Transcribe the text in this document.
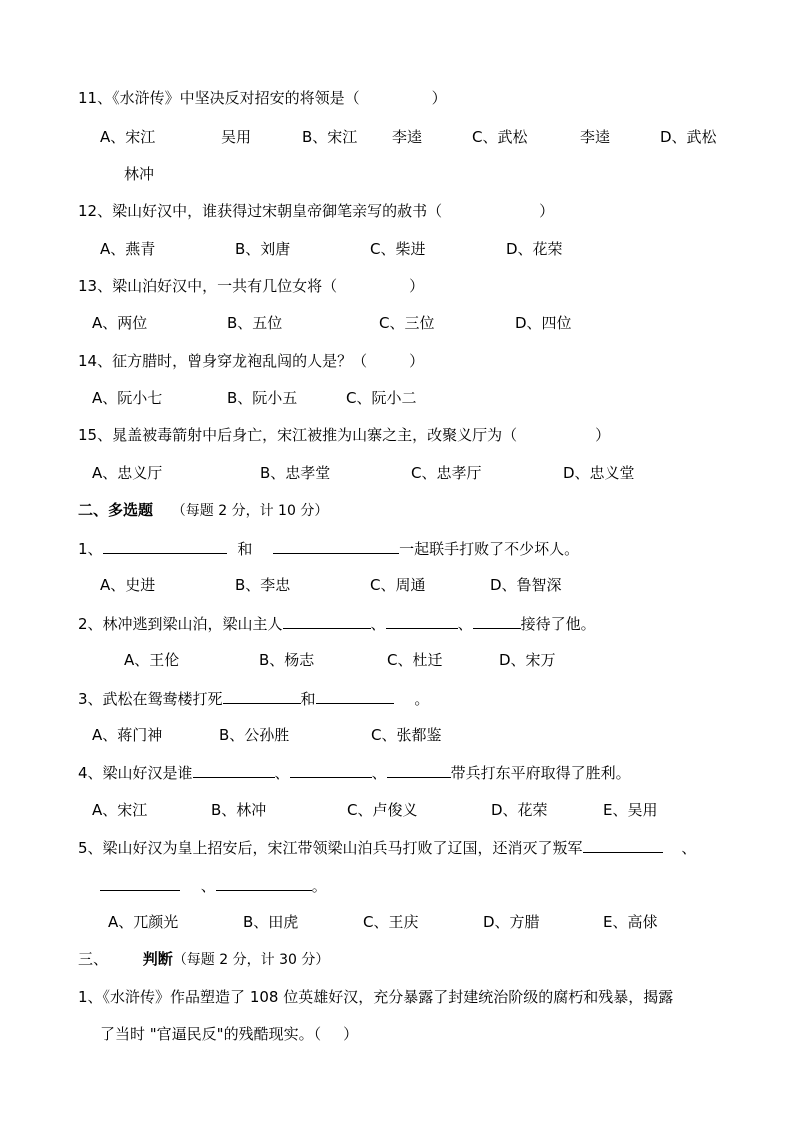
11、《水浒传》中坚决反对招安的将领是（	）
A、宋江	吴用	B、宋江 李逵	C、武松	李逵	D、武松
林冲
12、梁山好汉中，谁获得过宋朝皇帝御笔亲写的赦书（	）
A、燕青	B、刘唐	C、柴进	D、花荣
13、梁山泊好汉中，一共有几位女将（	）
A、两位	B、五位	C、三位	D、四位
14、征方腊时，曾身穿龙袍乱闯的人是？（	）
A、阮小七	B、阮小五	C、阮小二
15、晁盖被毒箭射中后身亡，宋江被推为山寨之主，改聚义厅为（	）
A、忠义厅	B、忠孝堂	C、忠孝厅	D、忠义堂
二、多选题 （每题 2 分，计 10 分）
1、	和	一起联手打败了不少坏人。
A、史进	B、李忠	C、周通	D、鲁智深
2、林冲逃到梁山泊，梁山主人	、	、	接待了他。
A、王伦	B、杨志	C、杜迁	D、宋万
3、武松在鸳鸯楼打死	和	。
A、蒋门神	B、公孙胜	C、张都鉴
4、梁山好汉是谁	、	、	带兵打东平府取得了胜利。
A、宋江	B、林冲	C、卢俊义	D、花荣	E、吴用
5、梁山好汉为皇上招安后，宋江带领梁山泊兵马打败了辽国，还消灭了叛军	、
、	。
A、兀颜光	B、田虎	C、王庆	D、方腊	E、高俅
三、 判断（每题 2 分，计 30 分）
1、《水浒传》作品塑造了 108 位英雄好汉，充分暴露了封建统治阶级的腐朽和残暴，揭露
了当时 "官逼民反"的残酷现实。（ ）
